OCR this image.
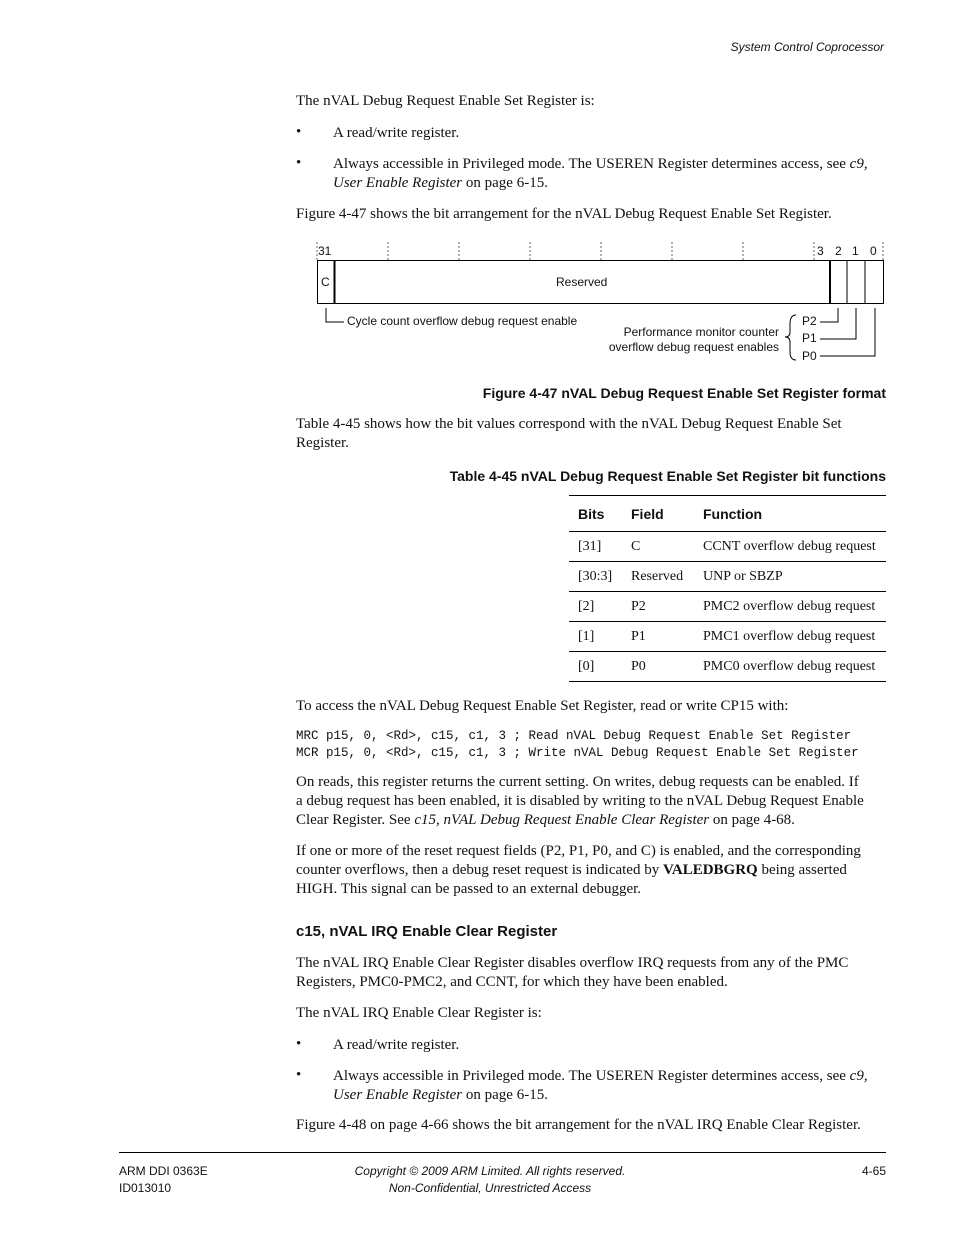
System Control Coprocessor
The nVAL Debug Request Enable Set Register is:
• A read/write register.
• Always accessible in Privileged mode. The USEREN Register determines access, see c9,
User Enable Register on page 6-15.
Figure 4-47 shows the bit arrangement for the nVAL Debug Request Enable Set Register.
31	3 2 1 0
C	Reserved
Cycle count overflow debug request enable
Performance monitor counter
overflow debug request enables
P2
P1
P0
Figure 4-47 nVAL Debug Request Enable Set Register format
Table 4-45 shows how the bit values correspond with the nVAL Debug Request Enable Set
Register.
Table 4-45 nVAL Debug Request Enable Set Register bit functions
Bits	Field	Function
[31]	C	CCNT overflow debug request
[30:3]	Reserved	UNP or SBZP
[2]	P2	PMC2 overflow debug request
[1]	P1	PMC1 overflow debug request
[0]	P0	PMC0 overflow debug request
To access the nVAL Debug Request Enable Set Register, read or write CP15 with:
MRC p15, 0, <Rd>, c15, c1, 3 ; Read nVAL Debug Request Enable Set Register
MCR p15, 0, <Rd>, c15, c1, 3 ; Write nVAL Debug Request Enable Set Register
On reads, this register returns the current setting. On writes, debug requests can be enabled. If
a debug request has been enabled, it is disabled by writing to the nVAL Debug Request Enable
Clear Register. See c15, nVAL Debug Request Enable Clear Register on page 4-68.
If one or more of the reset request fields (P2, P1, P0, and C) is enabled, and the corresponding
counter overflows, then a debug reset request is indicated by VALEDBGRQ being asserted
HIGH. This signal can be passed to an external debugger.
c15, nVAL IRQ Enable Clear Register
The nVAL IRQ Enable Clear Register disables overflow IRQ requests from any of the PMC
Registers, PMC0-PMC2, and CCNT, for which they have been enabled.
The nVAL IRQ Enable Clear Register is:
• A read/write register.
• Always accessible in Privileged mode. The USEREN Register determines access, see c9,
User Enable Register on page 6-15.
Figure 4-48 on page 4-66 shows the bit arrangement for the nVAL IRQ Enable Clear Register.
ARM DDI 0363E
ID013010
Copyright © 2009 ARM Limited. All rights reserved.
Non-Confidential, Unrestricted Access
4-65
